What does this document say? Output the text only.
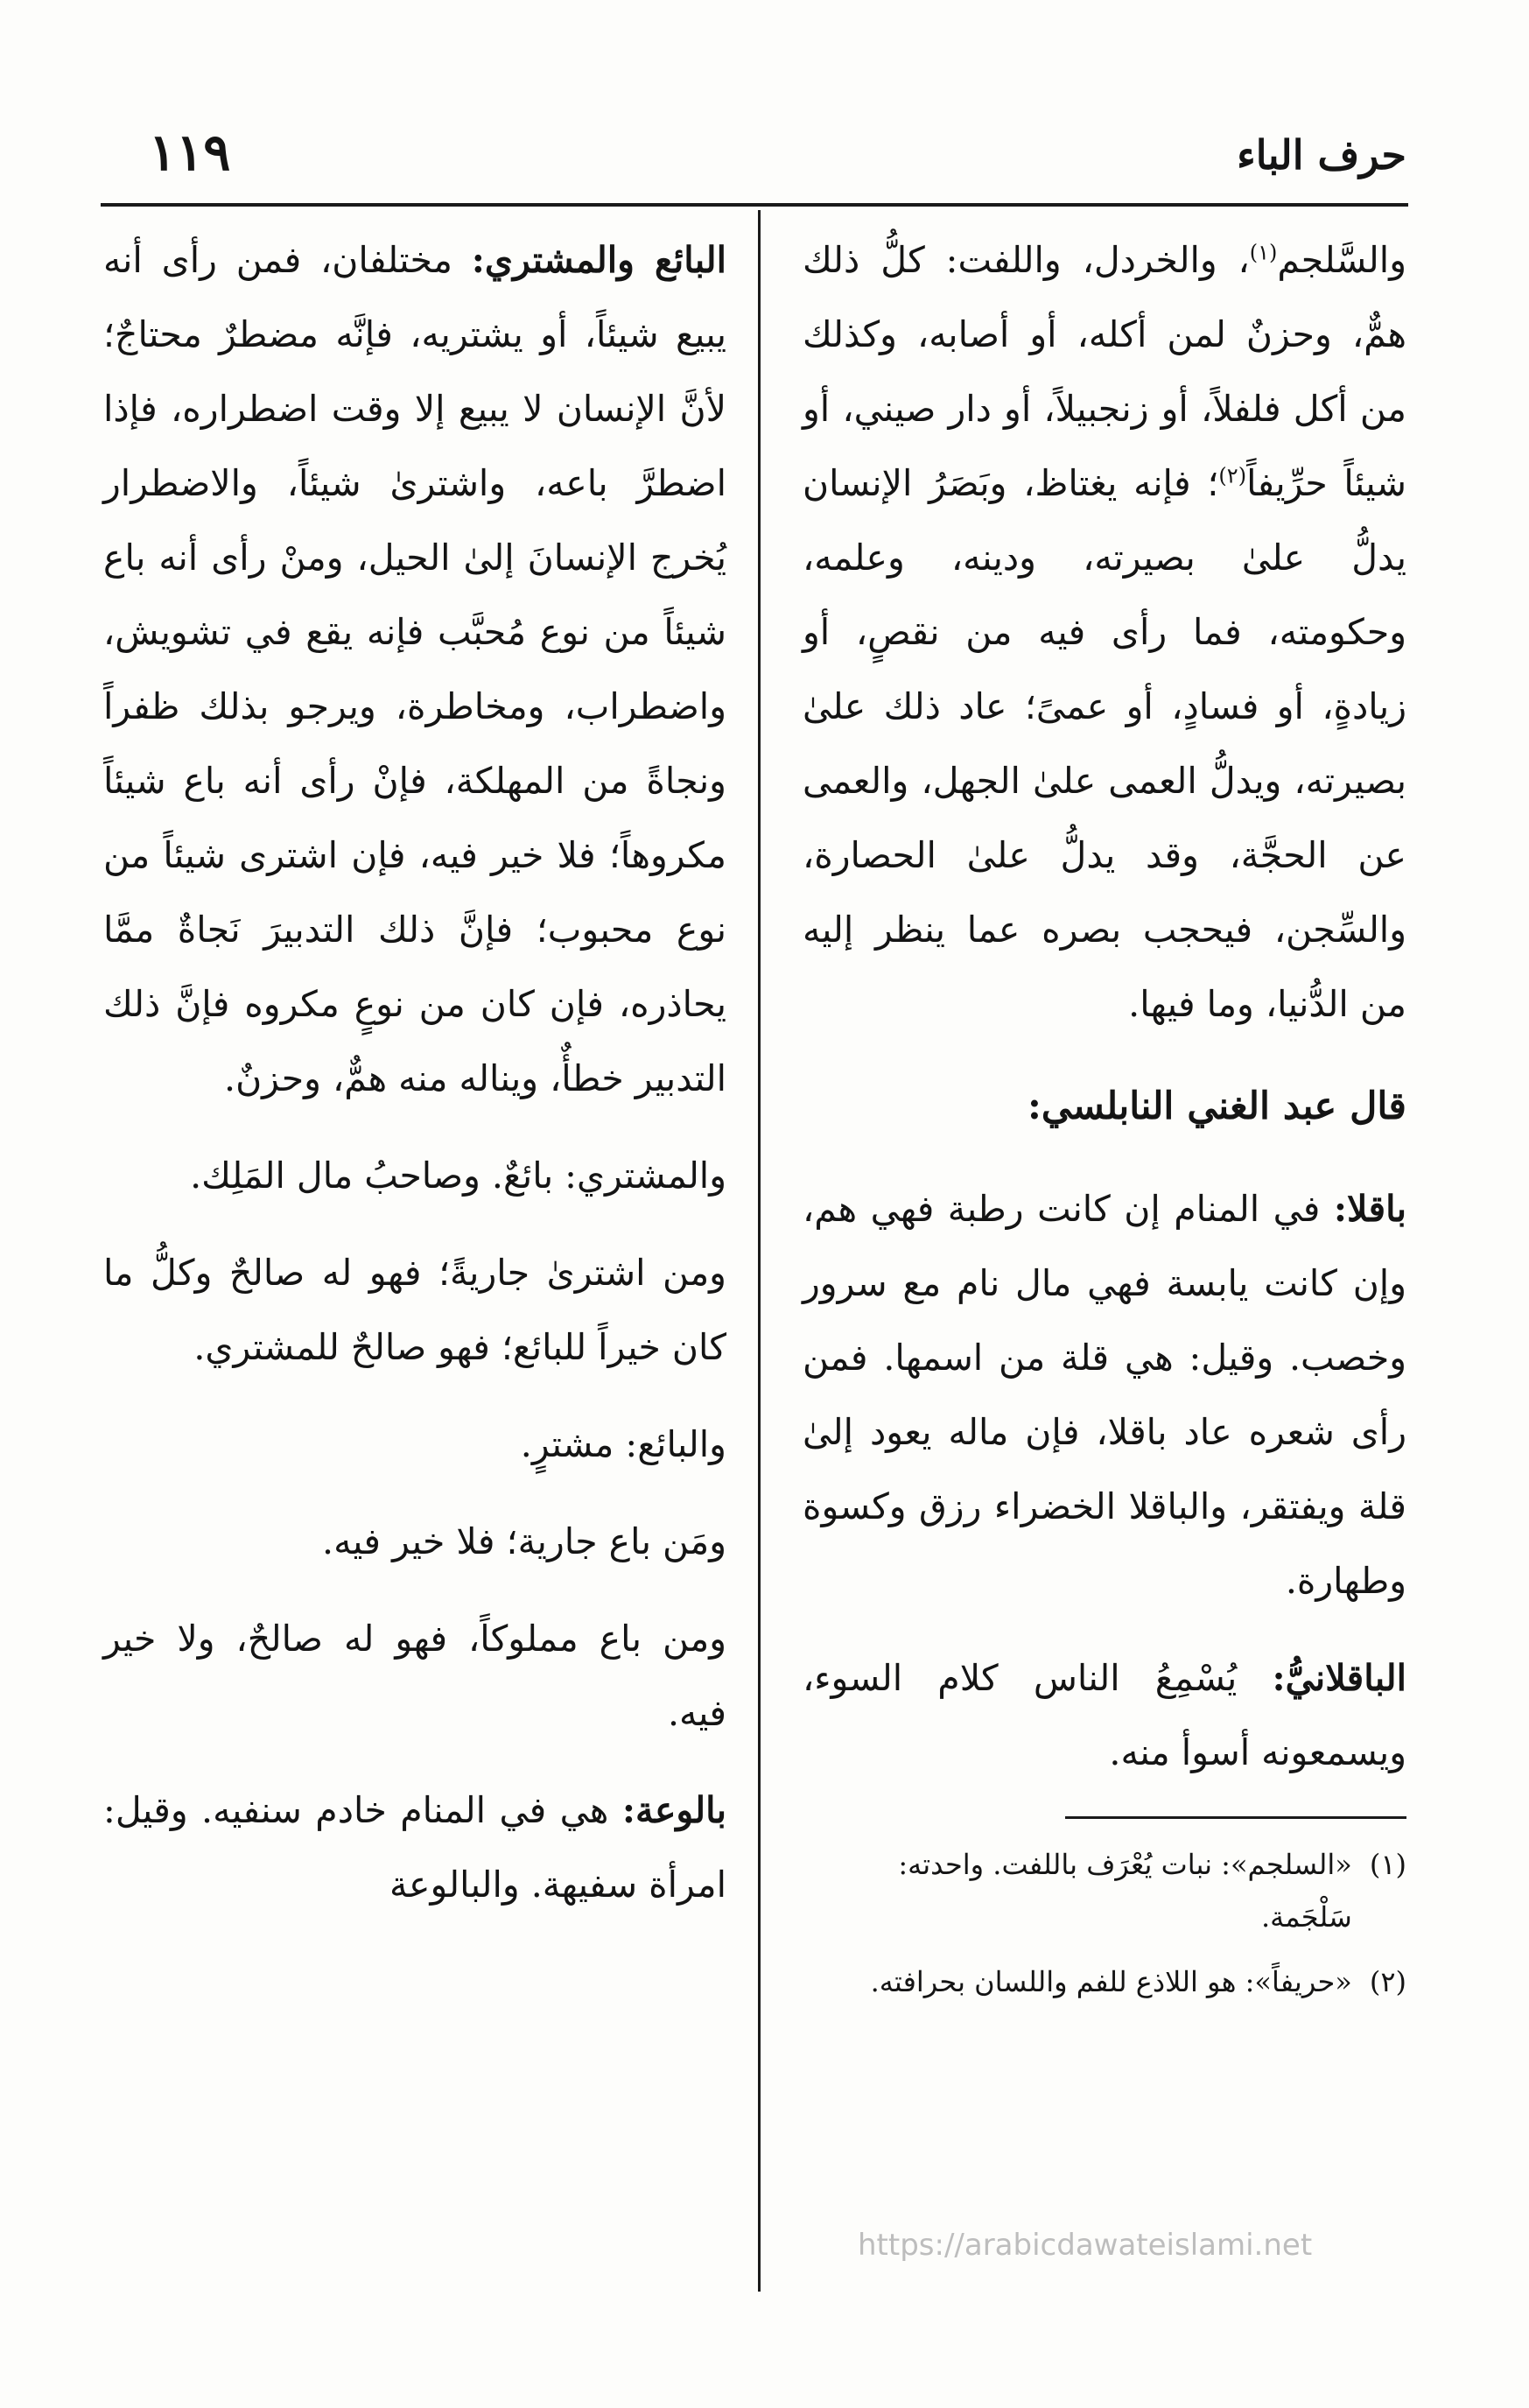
حرف الباء
١١٩

والسَّلجم$^{(١)}$، والخردل، واللفت: كلُّ ذلك همٌّ، وحزنٌ لمن أكله، أو أصابه، وكذلك من أكل فلفلاً، أو زنجبيلاً، أو دار صيني، أو شيئاً حرِّيفاً$^{(٢)}$؛ فإنه يغتاظ، وبَصَرُ الإنسان يدلُّ علىٰ بصيرته، ودينه، وعلمه، وحكومته، فما رأى فيه من نقصٍ، أو زيادةٍ، أو فسادٍ، أو عمىً؛ عاد ذلك علىٰ بصيرته، ويدلُّ العمى علىٰ الجهل، والعمى عن الحجَّة، وقد يدلُّ علىٰ الحصارة، والسِّجن، فيحجب بصره عما ينظر إليه من الدُّنيا، وما فيها.

قال عبد الغني النابلسي:

باقلا: في المنام إن كانت رطبة فهي هم، وإن كانت يابسة فهي مال نام مع سرور وخصب. وقيل: هي قلة من اسمها. فمن رأى شعره عاد باقلا، فإن ماله يعود إلىٰ قلة ويفتقر، والباقلا الخضراء رزق وكسوة وطهارة.

الباقلانيُّ: يُسْمِعُ الناس كلام السوء، ويسمعونه أسوأ منه.

(١)
«السلجم»: نبات يُعْرَف باللفت. واحدته: سَلْجَمة.
(٢)
«حريفاً»: هو اللاذع للفم واللسان بحرافته.

البائع والمشتري: مختلفان، فمن رأى أنه يبيع شيئاً، أو يشتريه، فإنَّه مضطرٌ محتاجٌ؛ لأنَّ الإنسان لا يبيع إلا وقت اضطراره، فإذا اضطرَّ باعه، واشترىٰ شيئاً، والاضطرار يُخرج الإنسانَ إلىٰ الحيل، ومنْ رأى أنه باع شيئاً من نوع مُحبَّب فإنه يقع في تشويش، واضطراب، ومخاطرة، ويرجو بذلك ظفراً ونجاةً من المهلكة، فإنْ رأى أنه باع شيئاً مكروهاً؛ فلا خير فيه، فإن اشترى شيئاً من نوع محبوب؛ فإنَّ ذلك التدبيرَ نَجاةٌ ممَّا يحاذره، فإن كان من نوعٍ مكروه فإنَّ ذلك التدبير خطأٌ، ويناله منه همٌّ، وحزنٌ.

والمشتري: بائعٌ. وصاحبُ مال المَلِك.

ومن اشترىٰ جاريةً؛ فهو له صالحٌ وكلُّ ما كان خيراً للبائع؛ فهو صالحٌ للمشتري.

والبائع: مشترٍ.

ومَن باع جارية؛ فلا خير فيه.

ومن باع مملوكاً، فهو له صالحٌ، ولا خير فيه.

بالوعة: هي في المنام خادم سنفيه. وقيل: امرأة سفيهة. والبالوعة

https://arabicdawateislami.net
